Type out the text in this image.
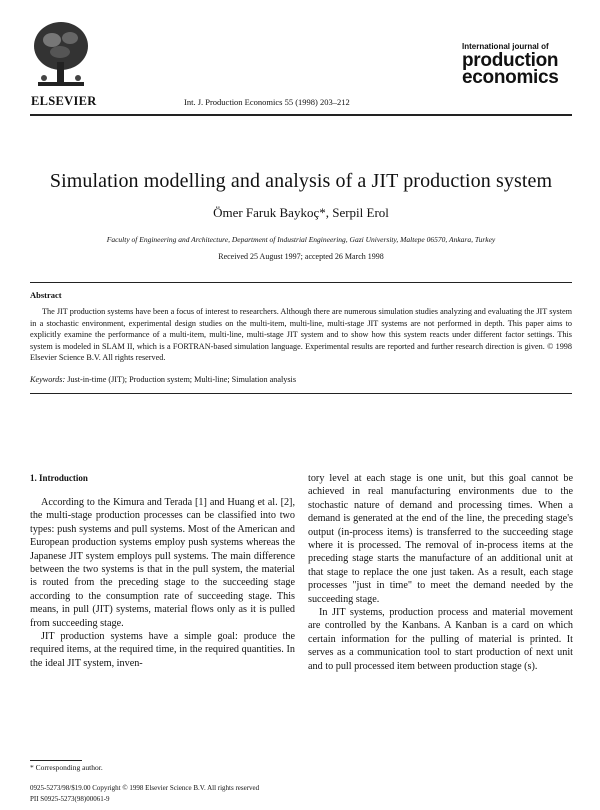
ELSEVIER	Int. J. Production Economics 55 (1998) 203–212
International journal of
production
economics
Simulation modelling and analysis of a JIT production system
Ömer Faruk Baykoç*, Serpil Erol
Faculty of Engineering and Architecture, Department of Industrial Engineering, Gazi University, Maltepe 06570, Ankara, Turkey
Received 25 August 1997; accepted 26 March 1998
Abstract
The JIT production systems have been a focus of interest to researchers. Although there are numerous simulation studies analyzing and evaluating the JIT system in a stochastic environment, experimental design studies on the multi-item, multi-line, multi-stage JIT systems are not performed in depth. This paper aims to explicitly examine the performance of a multi-item, multi-line, multi-stage JIT system and to show how this system reacts under different factor settings. This system is modeled in SLAM II, which is a FORTRAN-based simulation language. Experimental results are reported and further research direction is given. © 1998 Elsevier Science B.V. All rights reserved.
Keywords: Just-in-time (JIT); Production system; Multi-line; Simulation analysis
1. Introduction

According to the Kimura and Terada [1] and Huang et al. [2], the multi-stage production processes can be classified into two types: push systems and pull systems. Most of the American and European production systems employ push systems whereas the Japanese JIT system employs pull systems. The main difference between the two systems is that in the pull system, the material is routed from the preceding stage to the succeeding stage according to the consumption rate of succeeding stage. This means, in pull (JIT) systems, material flows only as it is pulled from succeeding stage.

JIT production systems have a simple goal: produce the required items, at the required time, in the required quantities. In the ideal JIT system, inven-

tory level at each stage is one unit, but this goal cannot be achieved in real manufacturing environments due to the stochastic nature of demand and processing times. When a demand is generated at the end of the line, the preceding stage's output (in-process items) is transferred to the succeeding stage where it is processed. The removal of in-process items at the preceding stage starts the manufacture of an additional unit at that stage to replace the one just taken. As a result, each stage processes "just in time" to meet the demand needed by the succeeding stage.

In JIT systems, production process and material movement are controlled by the Kanbans. A Kanban is a card on which certain information for the pulling of material is printed. It serves as a communication tool to start production of next unit and to pull processed item between production stage (s).

* Corresponding author.
0925-5273/98/$19.00 Copyright © 1998 Elsevier Science B.V. All rights reserved
PII S0925-5273(98)00061-9
